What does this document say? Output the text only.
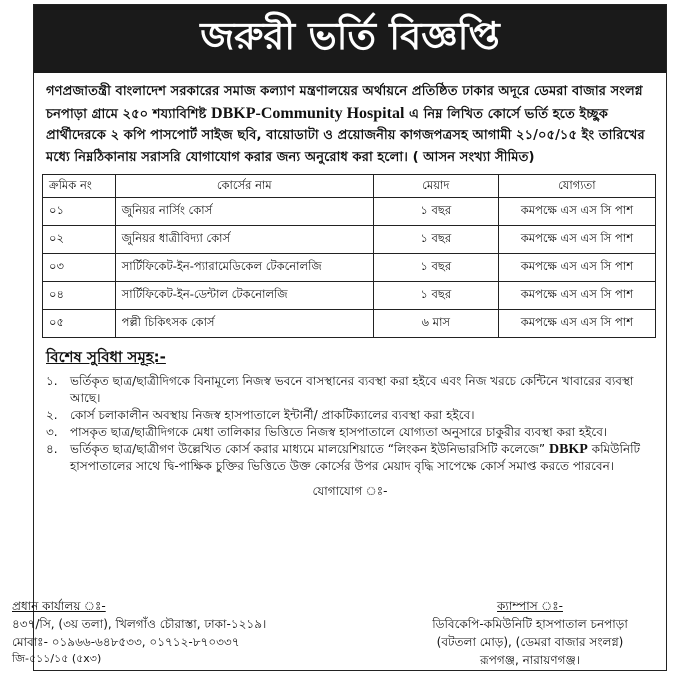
জরুরী ভর্তি বিজ্ঞপ্তি
গণপ্রজাতন্ত্রী বাংলাদেশ সরকারের সমাজ কল্যাণ মন্ত্রণালয়ের অর্থায়নে প্রতিষ্ঠিত ঢাকার অদূরে ডেমরা বাজার সংলগ্ন চনপাড়া গ্রামে ২৫০ শয্যাবিশিষ্ট DBKP-Community Hospital এ নিম্ন লিখিত কোর্সে ভর্তি হতে ইচ্ছুক প্রার্থীদেরকে ২ কপি পাসপোর্ট সাইজ ছবি, বায়োডাটা ও প্রয়োজনীয় কাগজপত্রসহ আগামী ২১/০৫/১৫ ইং তারিখের মধ্যে নিম্নঠিকানায় সরাসরি যোগাযোগ করার জন্য অনুরোধ করা হলো। ( আসন সংখ্যা সীমিত)
ক্রমিক নং	কোর্সের নাম	মেয়াদ	যোগ্যতা
০১	জুনিয়র নার্সিং কোর্স	১ বছর	কমপক্ষে এস এস সি পাশ
০২	জুনিয়র ধাত্রীবিদ্যা কোর্স	১ বছর	কমপক্ষে এস এস সি পাশ
০৩	সার্টিফিকেট-ইন-প্যারামেডিকেল টেকনোলজি	১ বছর	কমপক্ষে এস এস সি পাশ
০৪	সার্টিফিকেট-ইন-ডেন্টাল টেকনোলজি	১ বছর	কমপক্ষে এস এস সি পাশ
০৫	পল্লী চিকিৎসক কোর্স	৬ মাস	কমপক্ষে এস এস সি পাশ
বিশেষ সুবিধা সমূহ:-
১.	ভর্তিকৃত ছাত্র/ছাত্রীদিগকে বিনামূল্যে নিজস্ব ভবনে বাসস্থানের ব্যবস্থা করা হইবে এবং নিজ খরচে কেন্টিনে খাবারের ব্যবস্থা আছে।
২.	কোর্স চলাকালীন অবস্থায় নিজস্ব হাসপাতালে ইন্টার্নী/ প্রাকটিক্যালের ব্যবস্থা করা হইবে।
৩.	পাসকৃত ছাত্র/ছাত্রীদিগকে মেধা তালিকার ভিত্তিতে নিজস্ব হাসপাতালে যোগ্যতা অনুসারে চাকুরীর ব্যবস্থা করা হইবে।
৪.	ভর্তিকৃত ছাত্র/ছাত্রীগণ উল্লেখিত কোর্স করার মাধ্যমে মালয়েশিয়াতে “লিংকন ইউনিভারসিটি কলেজে” DBKP কমিউনিটি হাসপাতালের সাথে দ্বি-পাক্ষিক চুক্তির ভিত্তিতে উক্ত কোর্সের উপর মেয়াদ বৃদ্ধি সাপেক্ষে কোর্স সমাপ্ত করতে পারবেন।
যোগাযোগ ঃ-
প্রধান কার্যালয় ঃ-
৪৩৭/সি, (৩য় তলা), খিলগাঁও চৌরাস্তা, ঢাকা-১২১৯।
মোবাঃ- ০১৯৬৬-৬৪৮৫৩৩, ০১৭১২-৮৭০৩৩৭
ক্যাম্পাস ঃ-
ডিবিকেপি-কমিউনিটি হাসপাতাল চনপাড়া
(বটতলা মোড়), (ডেমরা বাজার সংলগ্ন)
রূপগঞ্জ, নারায়ণগঞ্জ।
জি-৫১১/১৫ (৫x৩)
